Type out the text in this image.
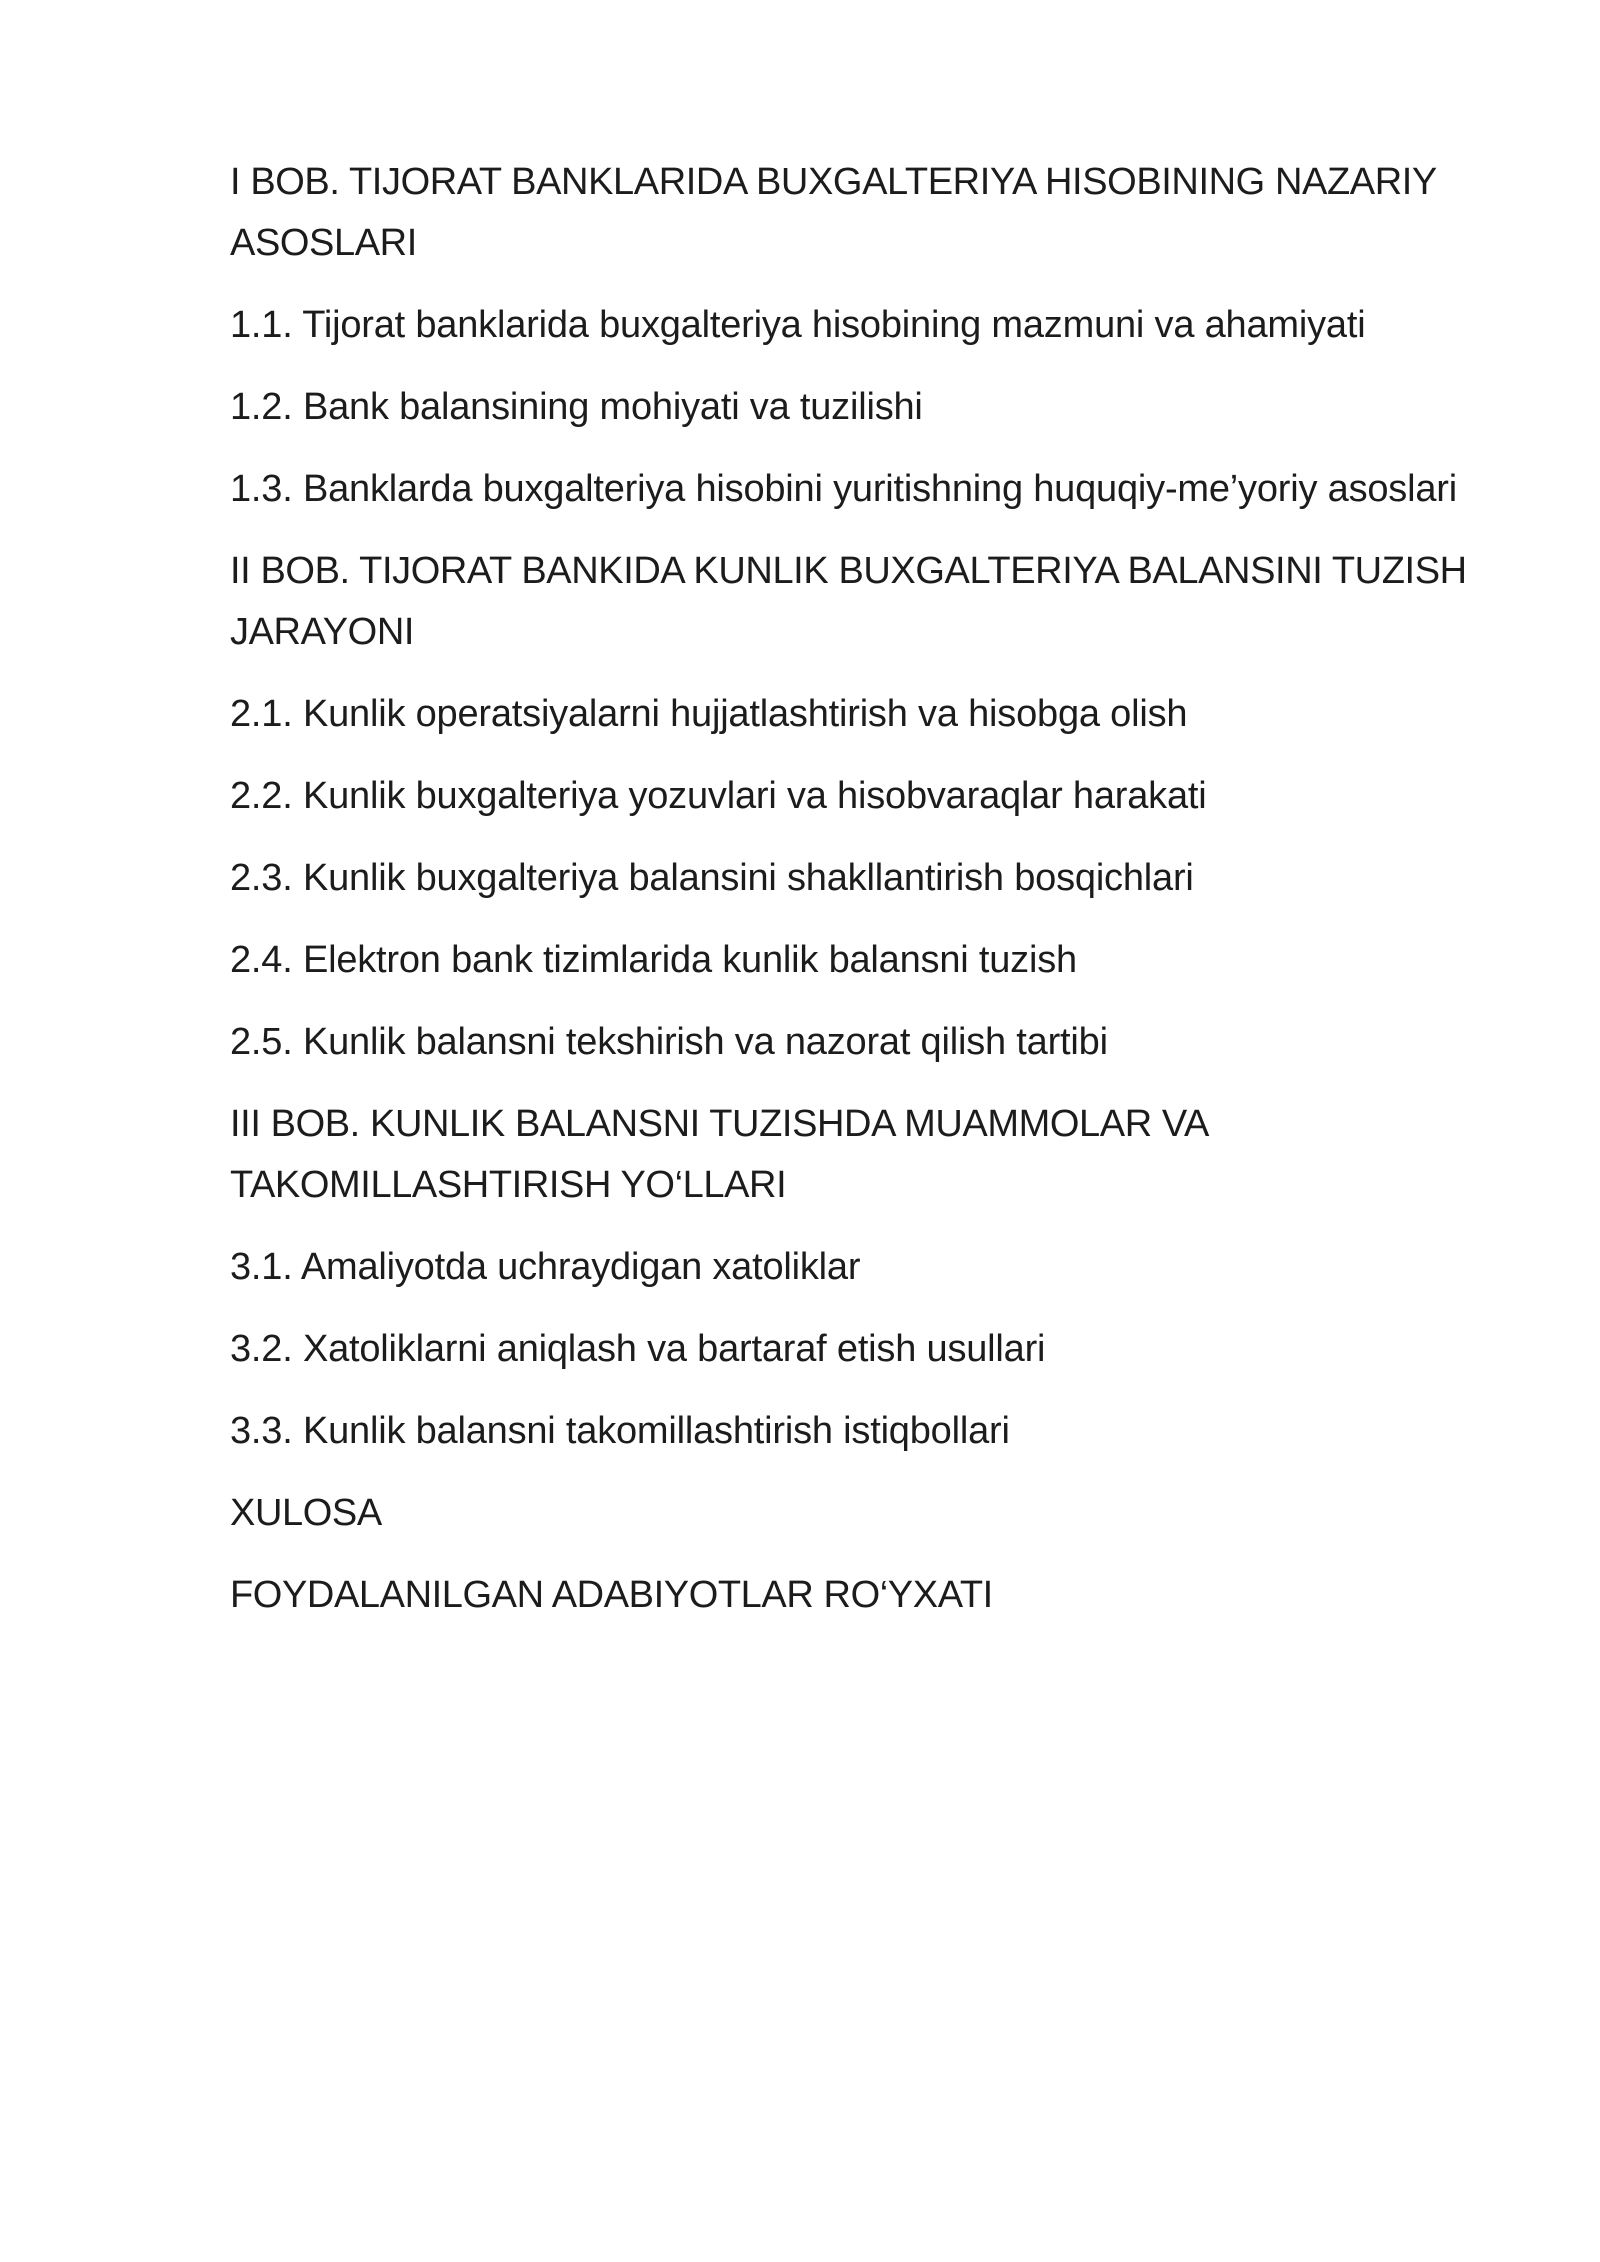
I BOB. TIJORAT BANKLARIDA BUXGALTERIYA HISOBINING NAZARIY ASOSLARI
1.1. Tijorat banklarida buxgalteriya hisobining mazmuni va ahamiyati
1.2. Bank balansining mohiyati va tuzilishi
1.3. Banklarda buxgalteriya hisobini yuritishning huquqiy-me’yoriy asoslari
II BOB. TIJORAT BANKIDA KUNLIK BUXGALTERIYA BALANSINI TUZISH JARAYONI
2.1. Kunlik operatsiyalarni hujjatlashtirish va hisobga olish
2.2. Kunlik buxgalteriya yozuvlari va hisobvaraqlar harakati
2.3. Kunlik buxgalteriya balansini shakllantirish bosqichlari
2.4. Elektron bank tizimlarida kunlik balansni tuzish
2.5. Kunlik balansni tekshirish va nazorat qilish tartibi
III BOB. KUNLIK BALANSNI TUZISHDA MUAMMOLAR VA TAKOMILLASHTIRISH YO‘LLARI
3.1. Amaliyotda uchraydigan xatoliklar
3.2. Xatoliklarni aniqlash va bartaraf etish usullari
3.3. Kunlik balansni takomillashtirish istiqbollari
XULOSA
FOYDALANILGAN ADABIYOTLAR RO‘YXATI
